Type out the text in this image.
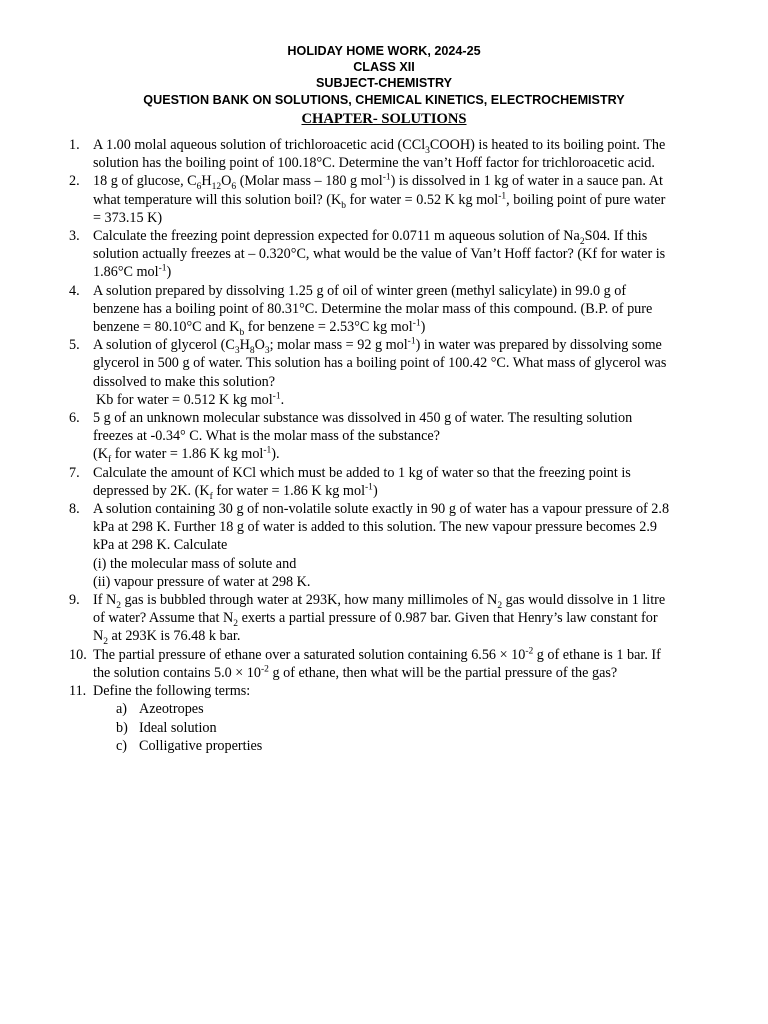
HOLIDAY HOME WORK, 2024-25
CLASS XII
SUBJECT-CHEMISTRY
QUESTION BANK ON SOLUTIONS, CHEMICAL KINETICS, ELECTROCHEMISTRY
CHAPTER- SOLUTIONS
1. A 1.00 molal aqueous solution of trichloroacetic acid (CCl$_3$COOH) is heated to its boiling point. The
solution has the boiling point of 100.18°C. Determine the van’t Hoff factor for trichloroacetic acid.
2. 18 g of glucose, $C_6H_{12}O_6$ (Molar mass – 180 g mol$^{-1}$) is dissolved in 1 kg of water in a sauce pan. At
what temperature will this solution boil? ($K_b$ for water = 0.52 K kg mol$^{-1}$, boiling point of pure water
= 373.15 K)
3. Calculate the freezing point depression expected for 0.0711 m aqueous solution of $Na_2S04$. If this
solution actually freezes at – 0.320°C, what would be the value of Van’t Hoff factor? (Kf for water is
1.86°C mol$^{-1}$)
4. A solution prepared by dissolving 1.25 g of oil of winter green (methyl salicylate) in 99.0 g of
benzene has a boiling point of 80.31°C. Determine the molar mass of this compound. (B.P. of pure
benzene = 80.10°C and $K_b$ for benzene = 2.53°C kg mol$^{-1}$)
5. A solution of glycerol ($C_3H_8O_3$; molar mass = 92 g mol$^{-1}$) in water was prepared by dissolving some
glycerol in 500 g of water. This solution has a boiling point of 100.42 °C. What mass of glycerol was
dissolved to make this solution?
Kb for water = 0.512 K kg mol$^{-1}$.
6. 5 g of an unknown molecular substance was dissolved in 450 g of water. The resulting solution
freezes at -0.34° C. What is the molar mass of the substance?
($K_f$ for water = 1.86 K kg mol$^{-1}$).
7. Calculate the amount of KCl which must be added to 1 kg of water so that the freezing point is
depressed by 2K. ($K_f$ for water = 1.86 K kg mol$^{-1}$)
8. A solution containing 30 g of non-volatile solute exactly in 90 g of water has a vapour pressure of 2.8
kPa at 298 K. Further 18 g of water is added to this solution. The new vapour pressure becomes 2.9
kPa at 298 K. Calculate
(i) the molecular mass of solute and
(ii) vapour pressure of water at 298 K.
9. If $N_2$ gas is bubbled through water at 293K, how many millimoles of $N_2$ gas would dissolve in 1 litre
of water? Assume that $N_2$ exerts a partial pressure of 0.987 bar. Given that Henry’s law constant for
$N_2$ at 293K is 76.48 k bar.
10. The partial pressure of ethane over a saturated solution containing $6.56 \times 10^{-2}$ g of ethane is 1 bar. If
the solution contains $5.0 \times 10^{-2}$ g of ethane, then what will be the partial pressure of the gas?
11. Define the following terms:
a) Azeotropes
b) Ideal solution
c) Colligative properties
